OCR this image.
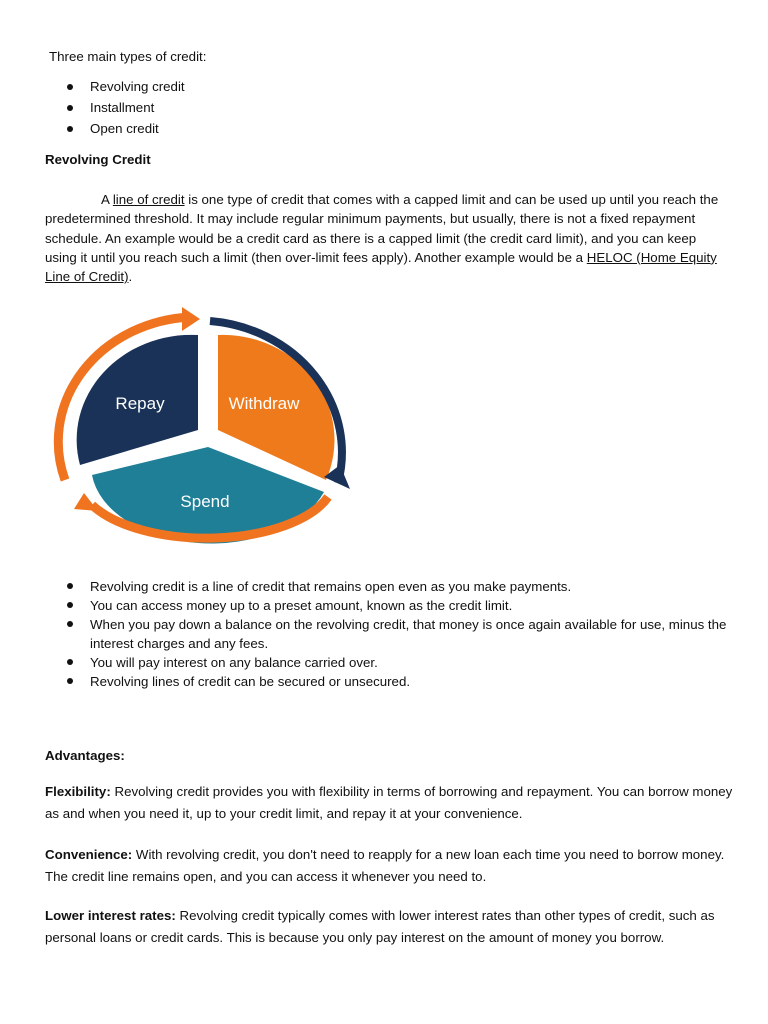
Three main types of credit:
Revolving credit
Installment
Open credit
Revolving Credit
A line of credit is one type of credit that comes with a capped limit and can be used up until you reach the predetermined threshold. It may include regular minimum payments, but usually, there is not a fixed repayment schedule. An example would be a credit card as there is a capped limit (the credit card limit), and you can keep using it until you reach such a limit (then over-limit fees apply). Another example would be a HELOC (Home Equity Line of Credit).
Repay	Withdraw
Spend
Revolving credit is a line of credit that remains open even as you make payments.
You can access money up to a preset amount, known as the credit limit.
When you pay down a balance on the revolving credit, that money is once again available for use, minus the interest charges and any fees.
You will pay interest on any balance carried over.
Revolving lines of credit can be secured or unsecured.
Advantages:
Flexibility: Revolving credit provides you with flexibility in terms of borrowing and repayment. You can borrow money as and when you need it, up to your credit limit, and repay it at your convenience.
Convenience: With revolving credit, you don't need to reapply for a new loan each time you need to borrow money. The credit line remains open, and you can access it whenever you need to.
Lower interest rates: Revolving credit typically comes with lower interest rates than other types of credit, such as personal loans or credit cards. This is because you only pay interest on the amount of money you borrow.
